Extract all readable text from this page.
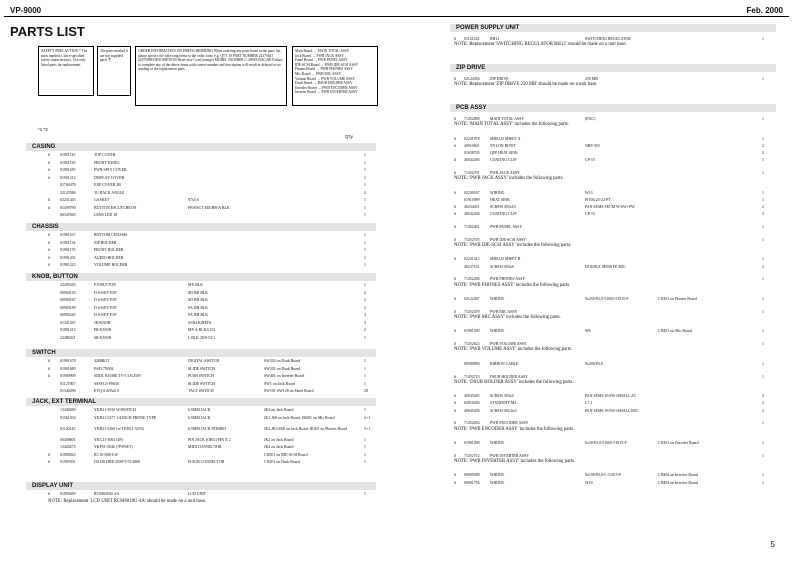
VP-9000	Feb. 2000
PARTS LIST
SAFETY PRECAUTION * The parts marked ∆ have specified safety characteristics. Use only listed parts for replacement.
The parts marked # are not supplied parts. ¶
ORDER INFORMATION ON PARTS ORDERING When ordering any parts listed in the parts list, please specify the following items in the order form. e.g. QTY 10 PART NUMBER 22375641 22375988 DESCRIPTION Sheet assy Cord (orange) MODEL NUMBER C-200FS DAC200 Failure to complete any of the above items with correct number and description will result in delayed or no sending of the replacement parts.
Main Board → MAIN TOTAL ASSY
Jack Board → PWB JACK ASSY
Panel Board → PWB PANEL ASSY
IDE-SCSI Board → PWB IDE-SCSI ASSY
Phones Board → PWB PHONES ASSY
Mic Board → PWB MIC ASSY
Volume Board → PWB VOLUME ASSY
Dsub Board → DSUB HOLDER ASSY
Encoder Board → PWB ENCODER ASSY
Inverter Board → PWB INVERTER ASSY
*1 *2
Q'ty
CASING
#	01901145	TOP COVER	1
#	01901150	FRONT PANEL	1
#	01901189	PWR SPLY COVER	1
#	01901212	DISPLAY COVER	1
01760478	EXP COVER 2B	1
22125586	3U RACK ANGLE	2
#	02231445	GASKET	97x5.6	1
#	01459790	BUTTON ESCUTCHEON	FB-ESCT MX/RB-A BLK	1
00345945	LENS LED 18	1
CHASSIS
#	01901167	BOTTOM CHASSIS	1
#	01901134	ZIP HOLDER	1
#	01901178	FRONT HOLDER	1
#	01901201	AUDIO HOLDER	1
#	01901223	VOLUME HOLDER	1
KNOB, BUTTON
22495545	F.S-BUTTON	MX BLK	1
00900145	D.S-KEYTOP	SD BH BLK	2
00900167	D.S-KEYTOP	SD BH BLK	2
00900189	D.S-KEYTOP	SX BH BLK	2
00900245	D.S-KEYTOP	SX BH BLK	4
01341267	JR-KNOB	SJ-BLK(RED)	3
01891212	FR-KNOB	MF-A BLK/LCG	2
22480321	SR-KNOB	L BLK 28/8-52/1	1
SWITCH
#	01901678	4280BGT	DIGITAL SWITCH	SW202 on Dsub Board	1
#	01901689	ESE17N002	SLIDE SWITCH	SW201 on Dsub Board	1
#	01900909	SDDL B16380 TV-5 5A/250V	PUSH SWITCH	SW401 on Inverter Board	1
01127067	SSSF12+P0630	SLIDE SWITCH	SW1 on Jack Board	1
01340290	EVQ11A05a5.0	TACT SWITCH	SW101-SW128 on Panel Board	28
JACK, EXT TERMINAL
13449269	YKB21-5035 W/SWITCH	6.5MM JACK	JK3 on Jack Board	1
01561034	YKB21-5277 1/4 INCH PHONE TYPE	6.5MM JACK	JK1,J68 on Jack Board, JK601 on Mic Board	2+1
01120145	YKB21-5268 (w/YKB21-5255)	6.5MM JACK STEREO	JK2,JK5-JK8 on Jack Board JK301 on Phones Board	5+1
00458601	YKC21-3064 (4P)	PIN JACK (ORG) PIN X 2	JK2 on Jack Board	1
13420275	YKF51-5046 (7P/PSET)	MIDI CONNECTOR	JK4 on Jack Board	1
#	01890023	RC10-50R-LW	CN501 on IDE-SCSI Board	1
#	01905501	DAUR DHE-25SP-T-N-2868	D-SUB CONNECTOR	CN201 on Dsub Board	1
DISPLAY UNIT
#	01895689	RCM6018U-4A	LCD UNIT	1
NOTE: Replacement 'LCD UNIT RCM6018U-4A' should be made on a unit base.
POWER SUPPLY UNIT
# 01121234	RH12	SWITCHING REGULATOR	1
NOTE: Replacement 'SWITCHING REGULATOR RH12' should be made on a unit base.
ZIP DRIVE
# 02124456	ZIP DRIVE	250 MB	1
NOTE: Replacement 'ZIP DRIVE 250 MB' should be made on a unit base.
PCB ASSY
# 71452809	MAIN TOTAL ASSY	(EXC)	1
NOTE: 'MAIN TOTAL ASSY' includes the following parts.
# 02231878	SHIELD SHEET A	1
# 40010601	NYLON RIVET	NRP-355	2
01658745	QFP HEAT SINK	2
# 40042456	COATING CLIP	CP-15	1
# 71452701	PWB JACK ASSY	1
NOTE: 'PWB JACK ASSY' includes the following parts.
# 02230167	WIRING	W13	1
01915989	HEAT SINK	PO56125-22-PT	1
# 40234031	SCREW M3x10	PAN SEMS FECM W/SW+PW	2
# 40042456	COATING CLIP	CP-15	3
# 71452401	PWB PANEL ASSY	1
# 71452705	PWB IDE-SCSI ASSY	1
NOTE: 'PWB IDE-SCSI ASSY' includes the following parts.
# 02231412	SHIELD SHEET B	1
40237101	SCREW M3x8	DOUBLE SEMS FE BZC	2
# 71452456	PWB PHONES ASSY	1
NOTE: 'PWB PHONES ASSY' includes the following parts.
# 02122367	WIRING	9x250-P2,0-51065-51015-F	CN301 on Phones Board	1
# 71452478	PWB MIC ASSY	1
NOTE: 'PWB MIC ASSY' includes the following parts.
# 01901590	WIRING	W6	CN401 on Mic Board	1
# 71452623	PWB VOLUME ASSY	1
NOTE: 'PWB VOLUME ASSY' includes the following parts.
00589856	RIBBON CABLE	9x200-P2,0	1
# 71452723	DSUB HOLDER ASSY	1
NOTE: 'DSUB HOLDER ASSY' includes the following parts.
# 40045445	SCREW M3x4	PAN SEMS W/SW+SMALL ZC	2
# 02010456	STANDOFF M3	L7.1	2
# 40045456	SCREW M2,6x5	PAN SEMS W/SW+SMALL BZC	2
# 71452654	PWB ENCODER ASSY	1
NOTE: 'PWB ENCODER ASSY' includes the following parts.
# 01901490	WIRING	6x30-P2,0-51065-51015-F	CN301 on Encoder Board	1
# 71452712	PWB INVERTER ASSY	1
NOTE: 'PWB INVERTER ASSY' includes the following parts.
# 00909589	WIRING	8x100-P2,0-L-51015-F	CN404 on Inverter Board	1
# 00901756	WIRING	W10	CN403 on Inverter Board	1
5
